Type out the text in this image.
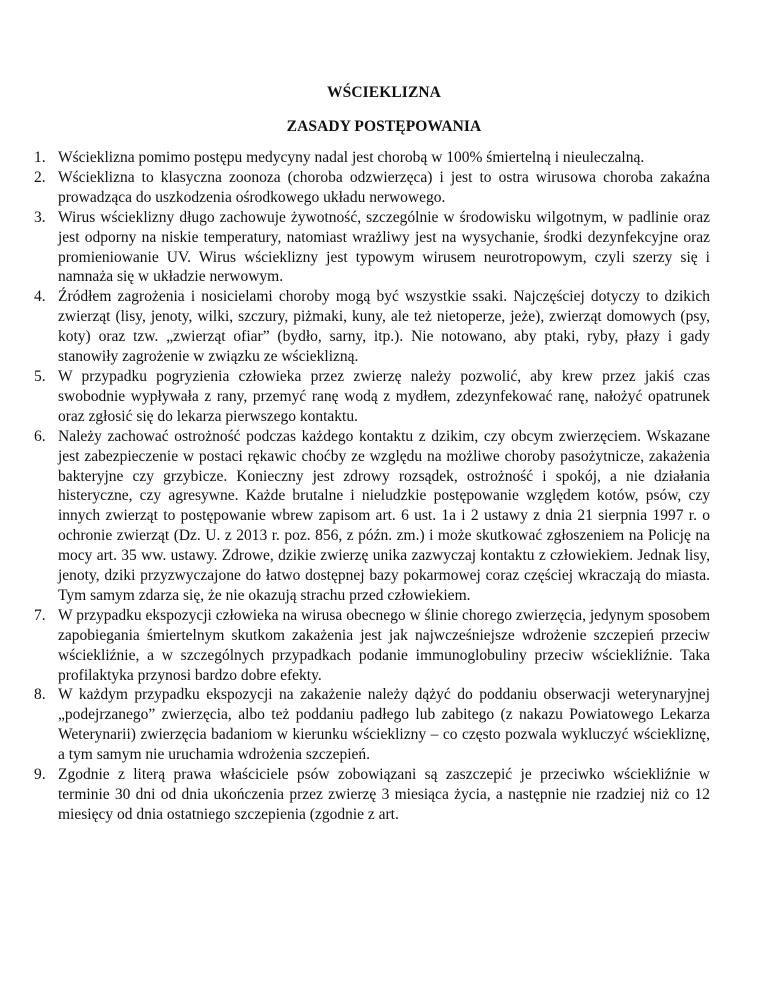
WŚCIEKLIZNA
ZASADY POSTĘPOWANIA
1. Wścieklizna pomimo postępu medycyny nadal jest chorobą w 100% śmiertelną i nieuleczalną.
2. Wścieklizna to klasyczna zoonoza (choroba odzwierzęca) i jest to ostra wirusowa choroba zakaźna prowadząca do uszkodzenia ośrodkowego układu nerwowego.
3. Wirus wścieklizny długo zachowuje żywotność, szczególnie w środowisku wilgotnym, w padlinie oraz jest odporny na niskie temperatury, natomiast wrażliwy jest na wysychanie, środki dezynfekcyjne oraz promieniowanie UV. Wirus wścieklizny jest typowym wirusem neurotropowym, czyli szerzy się i namnaża się w układzie nerwowym.
4. Źródłem zagrożenia i nosicielami choroby mogą być wszystkie ssaki. Najczęściej dotyczy to dzikich zwierząt (lisy, jenoty, wilki, szczury, piżmaki, kuny, ale też nietoperze, jeże), zwierząt domowych (psy, koty) oraz tzw. „zwierząt ofiar” (bydło, sarny, itp.). Nie notowano, aby ptaki, ryby, płazy i gady stanowiły zagrożenie w związku ze wścieklizną.
5. W przypadku pogryzienia człowieka przez zwierzę należy pozwolić, aby krew przez jakiś czas swobodnie wypływała z rany, przemyć ranę wodą z mydłem, zdezynfekować ranę, nałożyć opatrunek oraz zgłosić się do lekarza pierwszego kontaktu.
6. Należy zachować ostrożność podczas każdego kontaktu z dzikim, czy obcym zwierzęciem. Wskazane jest zabezpieczenie w postaci rękawic choćby ze względu na możliwe choroby pasożytnicze, zakażenia bakteryjne czy grzybicze. Konieczny jest zdrowy rozsądek, ostrożność i spokój, a nie działania histeryczne, czy agresywne. Każde brutalne i nieludzkie postępowanie względem kotów, psów, czy innych zwierząt to postępowanie wbrew zapisom art. 6 ust. 1a i 2 ustawy z dnia 21 sierpnia 1997 r. o ochronie zwierząt (Dz. U. z 2013 r. poz. 856, z późn. zm.) i może skutkować zgłoszeniem na Policję na mocy art. 35 ww. ustawy. Zdrowe, dzikie zwierzę unika zazwyczaj kontaktu z człowiekiem. Jednak lisy, jenoty, dziki przyzwyczajone do łatwo dostępnej bazy pokarmowej coraz częściej wkraczają do miasta. Tym samym zdarza się, że nie okazują strachu przed człowiekiem.
7. W przypadku ekspozycji człowieka na wirusa obecnego w ślinie chorego zwierzęcia, jedynym sposobem zapobiegania śmiertelnym skutkom zakażenia jest jak najwcześniejsze wdrożenie szczepień przeciw wściekliźnie, a w szczególnych przypadkach podanie immunoglobuliny przeciw wściekliźnie. Taka profilaktyka przynosi bardzo dobre efekty.
8. W każdym przypadku ekspozycji na zakażenie należy dążyć do poddaniu obserwacji weterynaryjnej „podejrzanego” zwierzęcia, albo też poddaniu padłego lub zabitego (z nakazu Powiatowego Lekarza Weterynarii) zwierzęcia badaniom w kierunku wścieklizny – co często pozwala wykluczyć wściekliznę, a tym samym nie uruchamia wdrożenia szczepień.
9. Zgodnie z literą prawa właściciele psów zobowiązani są zaszczepić je przeciwko wściekliźnie w terminie 30 dni od dnia ukończenia przez zwierzę 3 miesiąca życia, a następnie nie rzadziej niż co 12 miesięcy od dnia ostatniego szczepienia (zgodnie z art.
